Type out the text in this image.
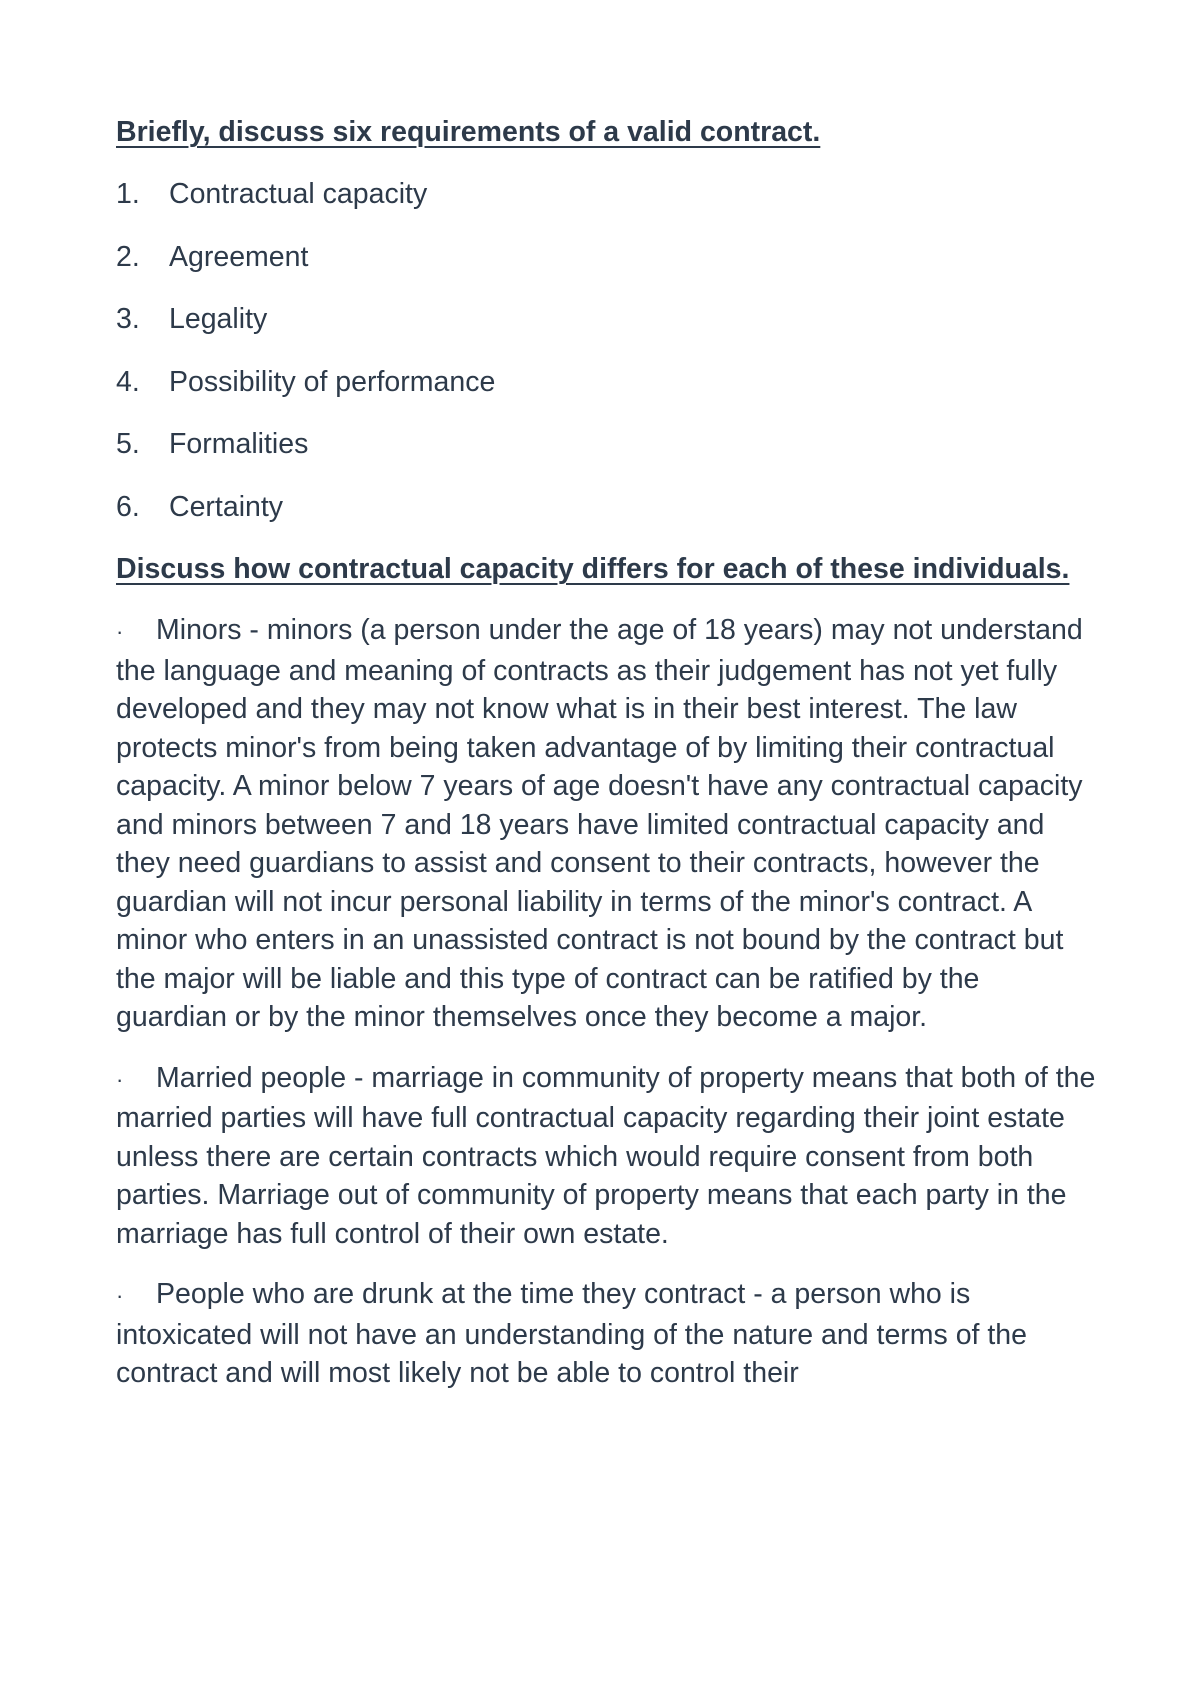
Briefly, discuss six requirements of a valid contract.
1.	Contractual capacity
2.	Agreement
3.	Legality
4.	Possibility of performance
5.	Formalities
6.	Certainty
Discuss how contractual capacity differs for each of these individuals.

· Minors - minors (a person under the age of 18 years) may not understand the language and meaning of contracts as their judgement has not yet fully developed and they may not know what is in their best interest. The law protects minor's from being taken advantage of by limiting their contractual capacity. A minor below 7 years of age doesn't have any contractual capacity and minors between 7 and 18 years have limited contractual capacity and they need guardians to assist and consent to their contracts, however the guardian will not incur personal liability in terms of the minor's contract. A minor who enters in an unassisted contract is not bound by the contract but the major will be liable and this type of contract can be ratified by the guardian or by the minor themselves once they become a major.

· Married people - marriage in community of property means that both of the married parties will have full contractual capacity regarding their joint estate unless there are certain contracts which would require consent from both parties. Marriage out of community of property means that each party in the marriage has full control of their own estate.

· People who are drunk at the time they contract - a person who is intoxicated will not have an understanding of the nature and terms of the contract and will most likely not be able to control their
